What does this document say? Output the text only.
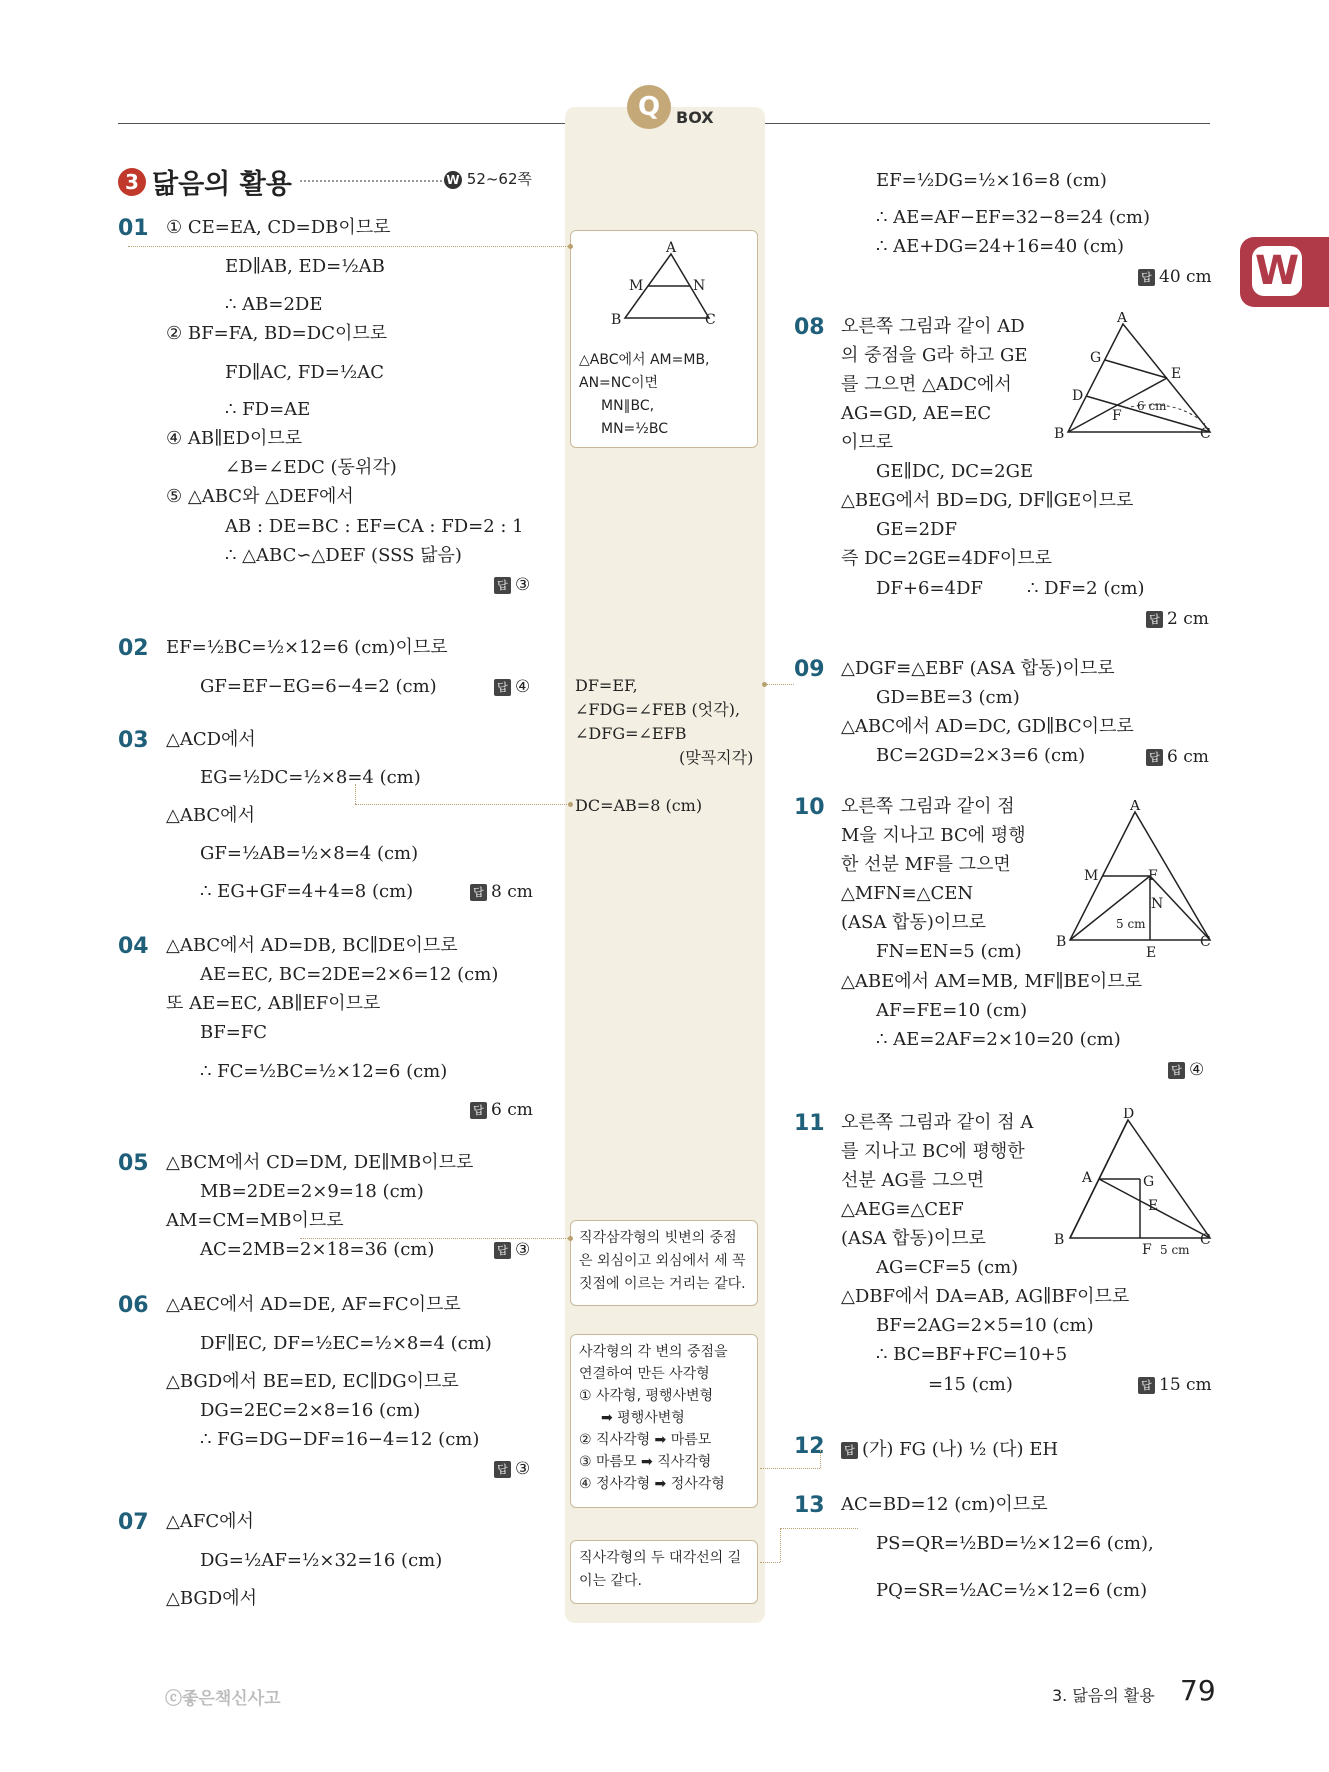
Q BOX
W
3 닮음의 활용	W 52~62쪽
01 ① CE=EA, CD=DB이므로
ED∥AB, ED=½AB
∴ AB=2DE
② BF=FA, BD=DC이므로
FD∥AC, FD=½AC
∴ FD=AE
④ AB∥ED이므로
∠B=∠EDC (동위각)
⑤ △ABC와 △DEF에서
AB : DE=BC : EF=CA : FD=2 : 1
∴ △ABC∽△DEF (SSS 닮음)
답 ③
02 EF=½BC=½×12=6 (cm)이므로
GF=EF−EG=6−4=2 (cm)	답 ④
03 △ACD에서
EG=½DC=½×8=4 (cm)
△ABC에서
GF=½AB=½×8=4 (cm)
∴ EG+GF=4+4=8 (cm)	답 8 cm
04 △ABC에서 AD=DB, BC∥DE이므로
AE=EC, BC=2DE=2×6=12 (cm)
또 AE=EC, AB∥EF이므로
BF=FC
∴ FC=½BC=½×12=6 (cm)
답 6 cm
05 △BCM에서 CD=DM, DE∥MB이므로
MB=2DE=2×9=18 (cm)
AM=CM=MB이므로
AC=2MB=2×18=36 (cm)	답 ③
06 △AEC에서 AD=DE, AF=FC이므로
DF∥EC, DF=½EC=½×8=4 (cm)
△BGD에서 BE=ED, EC∥DG이므로
DG=2EC=2×8=16 (cm)
∴ FG=DG−DF=16−4=12 (cm)
답 ③
07 △AFC에서
DG=½AF=½×32=16 (cm)
△BGD에서
EF=½DG=½×16=8 (cm)
∴ AE=AF−EF=32−8=24 (cm)
∴ AE+DG=24+16=40 (cm)
답 40 cm
08 오른쪽 그림과 같이 AD
의 중점을 G라 하고 GE
를 그으면 △ADC에서
AG=GD, AE=EC
이므로
GE∥DC, DC=2GE
△BEG에서 BD=DG, DF∥GE이므로
GE=2DF
즉 DC=2GE=4DF이므로
DF+6=4DF ∴ DF=2 (cm)
답 2 cm
A
B	C
D
E
F
G
6 cm
09 △DGF≡△EBF (ASA 합동)이므로
GD=BE=3 (cm)
△ABC에서 AD=DC, GD∥BC이므로
BC=2GD=2×3=6 (cm)	답 6 cm
10 오른쪽 그림과 같이 점
M을 지나고 BC에 평행
한 선분 MF를 그으면
△MFN≡△CEN
(ASA 합동)이므로
FN=EN=5 (cm)
△ABE에서 AM=MB, MF∥BE이므로
AF=FE=10 (cm)
∴ AE=2AF=2×10=20 (cm)
답 ④
A
B	C
M	F
N
E
5 cm
11 오른쪽 그림과 같이 점 A
를 지나고 BC에 평행한
선분 AG를 그으면
△AEG≡△CEF
(ASA 합동)이므로
AG=CF=5 (cm)
△DBF에서 DA=AB, AG∥BF이므로
BF=2AG=2×5=10 (cm)
∴ BC=BF+FC=10+5
=15 (cm)	답 15 cm
D
A	G
E
B
F
C
5 cm
12 답 (가) FG (나) ½ (다) EH
13 AC=BD=12 (cm)이므로
PS=QR=½BD=½×12=6 (cm),
PQ=SR=½AC=½×12=6 (cm)
△ABC에서 AM=MB,
AN=NC이면
MN∥BC,
MN=½BC
A
B	C
M	N
DF=EF,
∠FDG=∠FEB (엇각),
∠DFG=∠EFB
(맞꼭지각)
DC=AB=8 (cm)
직각삼각형의 빗변의 중점
은 외심이고 외심에서 세 꼭
짓점에 이르는 거리는 같다.
사각형의 각 변의 중점을
연결하여 만든 사각형
① 사각형, 평행사변형
➡ 평행사변형
② 직사각형 ➡ 마름모
③ 마름모 ➡ 직사각형
④ 정사각형 ➡ 정사각형
직사각형의 두 대각선의 길
이는 같다.
ⓒ좋은책신사고	3. 닮음의 활용 79
